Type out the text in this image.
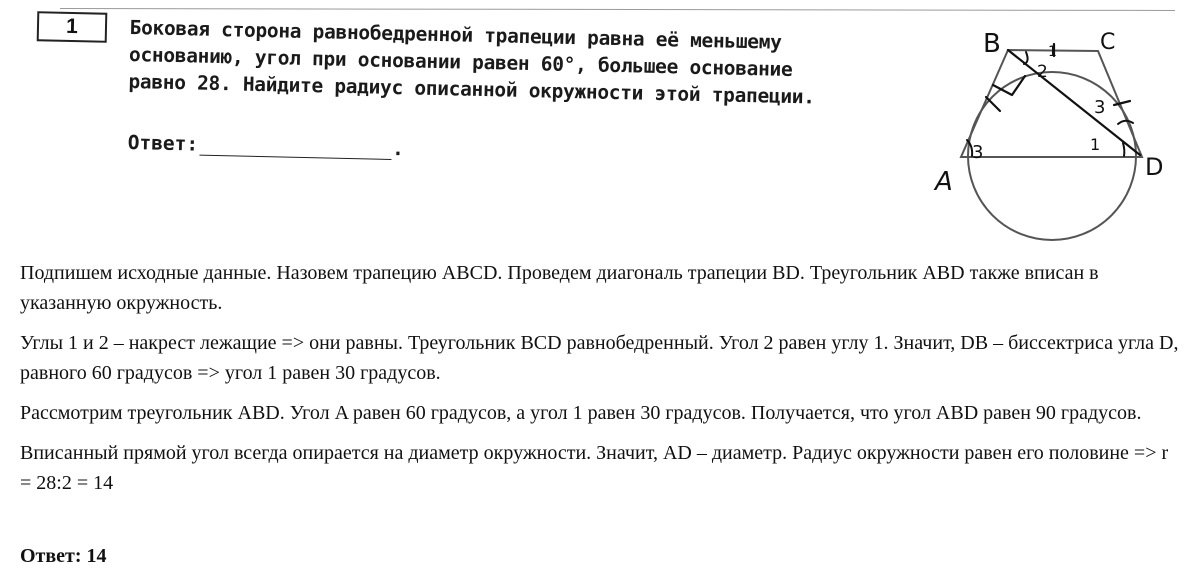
1	Боковая сторона равнобедренной трапеции равна её меньшему
основанию, угол при основании равен 60°, большее основание
равно 28. Найдите радиус описанной окружности этой трапеции.
Ответ:	.
B	C
A	D
1
2
3
1
3

Подпишем исходные данные. Назовем трапецию ABCD. Проведем диагональ трапеции BD. Треугольник ABD также вписан в указанную окружность.

Углы 1 и 2 – накрест лежащие => они равны. Треугольник BCD равнобедренный. Угол 2 равен углу 1. Значит, DB – биссектриса угла D, равного 60 градусов => угол 1 равен 30 градусов.

Рассмотрим треугольник ABD. Угол A равен 60 градусов, а угол 1 равен 30 градусов. Получается, что угол ABD равен 90 градусов.

Вписанный прямой угол всегда опирается на диаметр окружности. Значит, AD – диаметр. Радиус окружности равен его половине => r = 28:2 = 14

Ответ: 14
